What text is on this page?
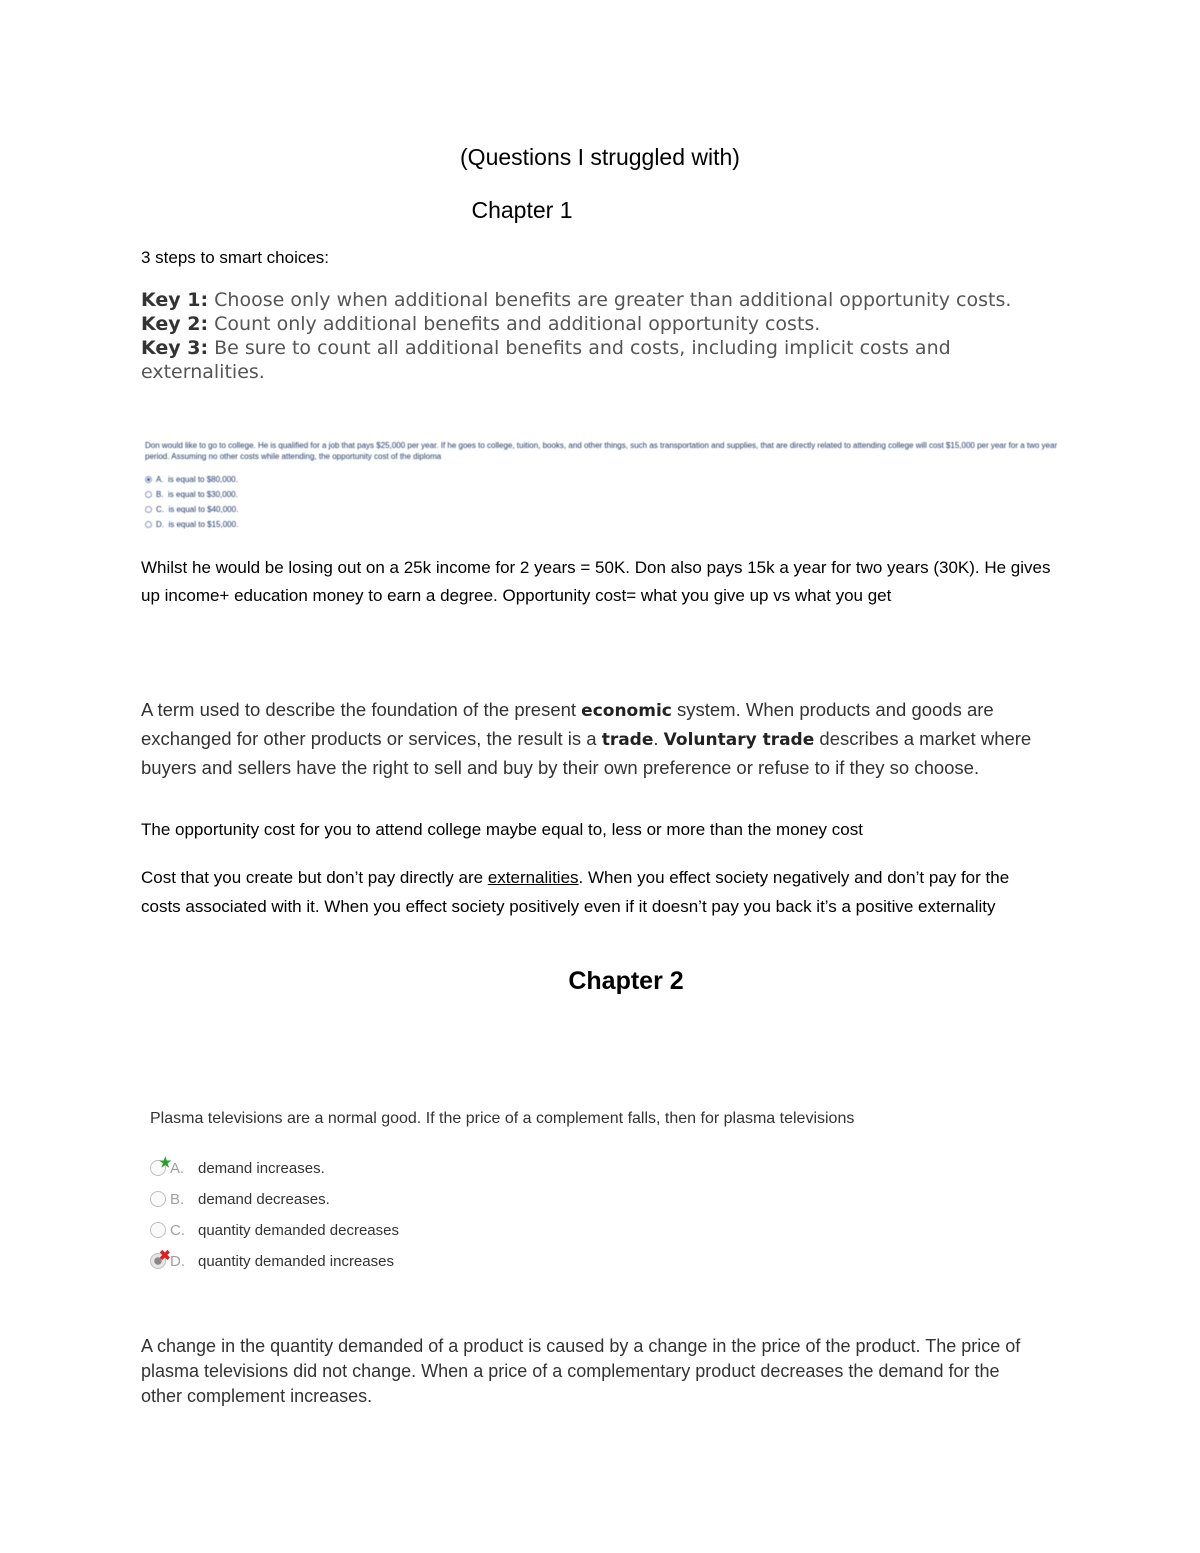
(Questions I struggled with)
Chapter 1
3 steps to smart choices:
Key 1: Choose only when additional benefits are greater than additional opportunity costs.
Key 2: Count only additional benefits and additional opportunity costs.
Key 3: Be sure to count all additional benefits and costs, including implicit costs and externalities.
Don would like to go to college. He is qualified for a job that pays $25,000 per year. If he goes to college, tuition, books, and other things, such as transportation and supplies, that are directly related to attending college will cost $15,000 per year for a two year period. Assuming no other costs while attending, the opportunity cost of the diploma
A.
is equal to $80,000.
B.
is equal to $30,000.
C.
is equal to $40,000.
D.
is equal to $15,000.
Whilst he would be losing out on a 25k income for 2 years = 50K. Don also pays 15k a year for two years (30K). He gives up income+ education money to earn a degree. Opportunity cost= what you give up vs what you get
A term used to describe the foundation of the present economic system. When products and goods are exchanged for other products or services, the result is a trade. Voluntary trade describes a market where buyers and sellers have the right to sell and buy by their own preference or refuse to if they so choose.
The opportunity cost for you to attend college maybe equal to, less or more than the money cost
Cost that you create but don’t pay directly are externalities. When you effect society negatively and don’t pay for the costs associated with it. When you effect society positively even if it doesn’t pay you back it’s a positive externality
Chapter 2
Plasma televisions are a normal good. If the price of a complement falls, then for plasma televisions
★
A. demand increases.
B. demand decreases.
C. quantity demanded decreases
✖ D. quantity demanded increases
A change in the quantity demanded of a product is caused by a change in the price of the product. The price of plasma televisions did not change. When a price of a complementary product decreases the demand for the other complement increases.
